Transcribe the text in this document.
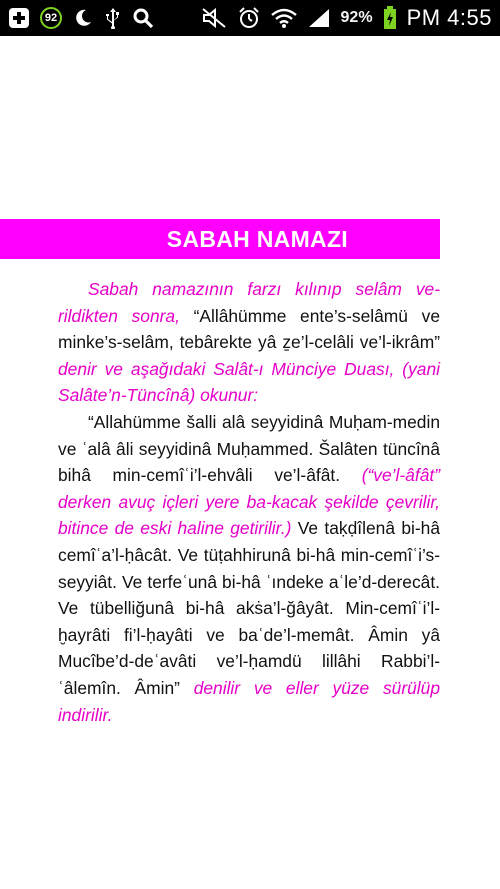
92	92% PM 4:55
SABAH NAMAZI

Sabah namazının farzı kılınıp selâm ve-rildikten sonra, “Allâhümme ente’s-selâmü ve minke’s-selâm, tebârekte yâ ẕe’l-celâli ve’l-ikrâm” denir ve aşağıdaki Salât-ı Münciye Duası, (yani Salâte’n-Tüncînâ) okunur:

“Allahümme šalli alâ seyyidinâ Muḥam-medin ve ʿalâ âli seyyidinâ Muḥammed. Šalâten tüncînâ bihâ min-cemîʿi’l-ehvâli ve’l-âfât. (“ve’l-âfât” derken avuç içleri yere ba-kacak şekilde çevrilir, bitince de eski haline getirilir.) Ve taḳḍîlenâ bi-hâ cemîʿa’l-ḥâcât. Ve tüṭahhirunâ bi-hâ min-cemîʿi’s-seyyiât. Ve terfeʿunâ bi-hâ ʿındeke aʿle’d-derecât. Ve tübelliğunâ bi-hâ akṡa’l-ğâyât. Min-cemîʿi’l-ḫayrâti fi’l-ḥayâti ve baʿde’l-memât. Âmin yâ Mucîbe’d-deʿavâti ve’l-ḥamdü lillâhi Rabbi’l-ʿâlemîn. Âmin” denilir ve eller yüze sürülüp indirilir.
